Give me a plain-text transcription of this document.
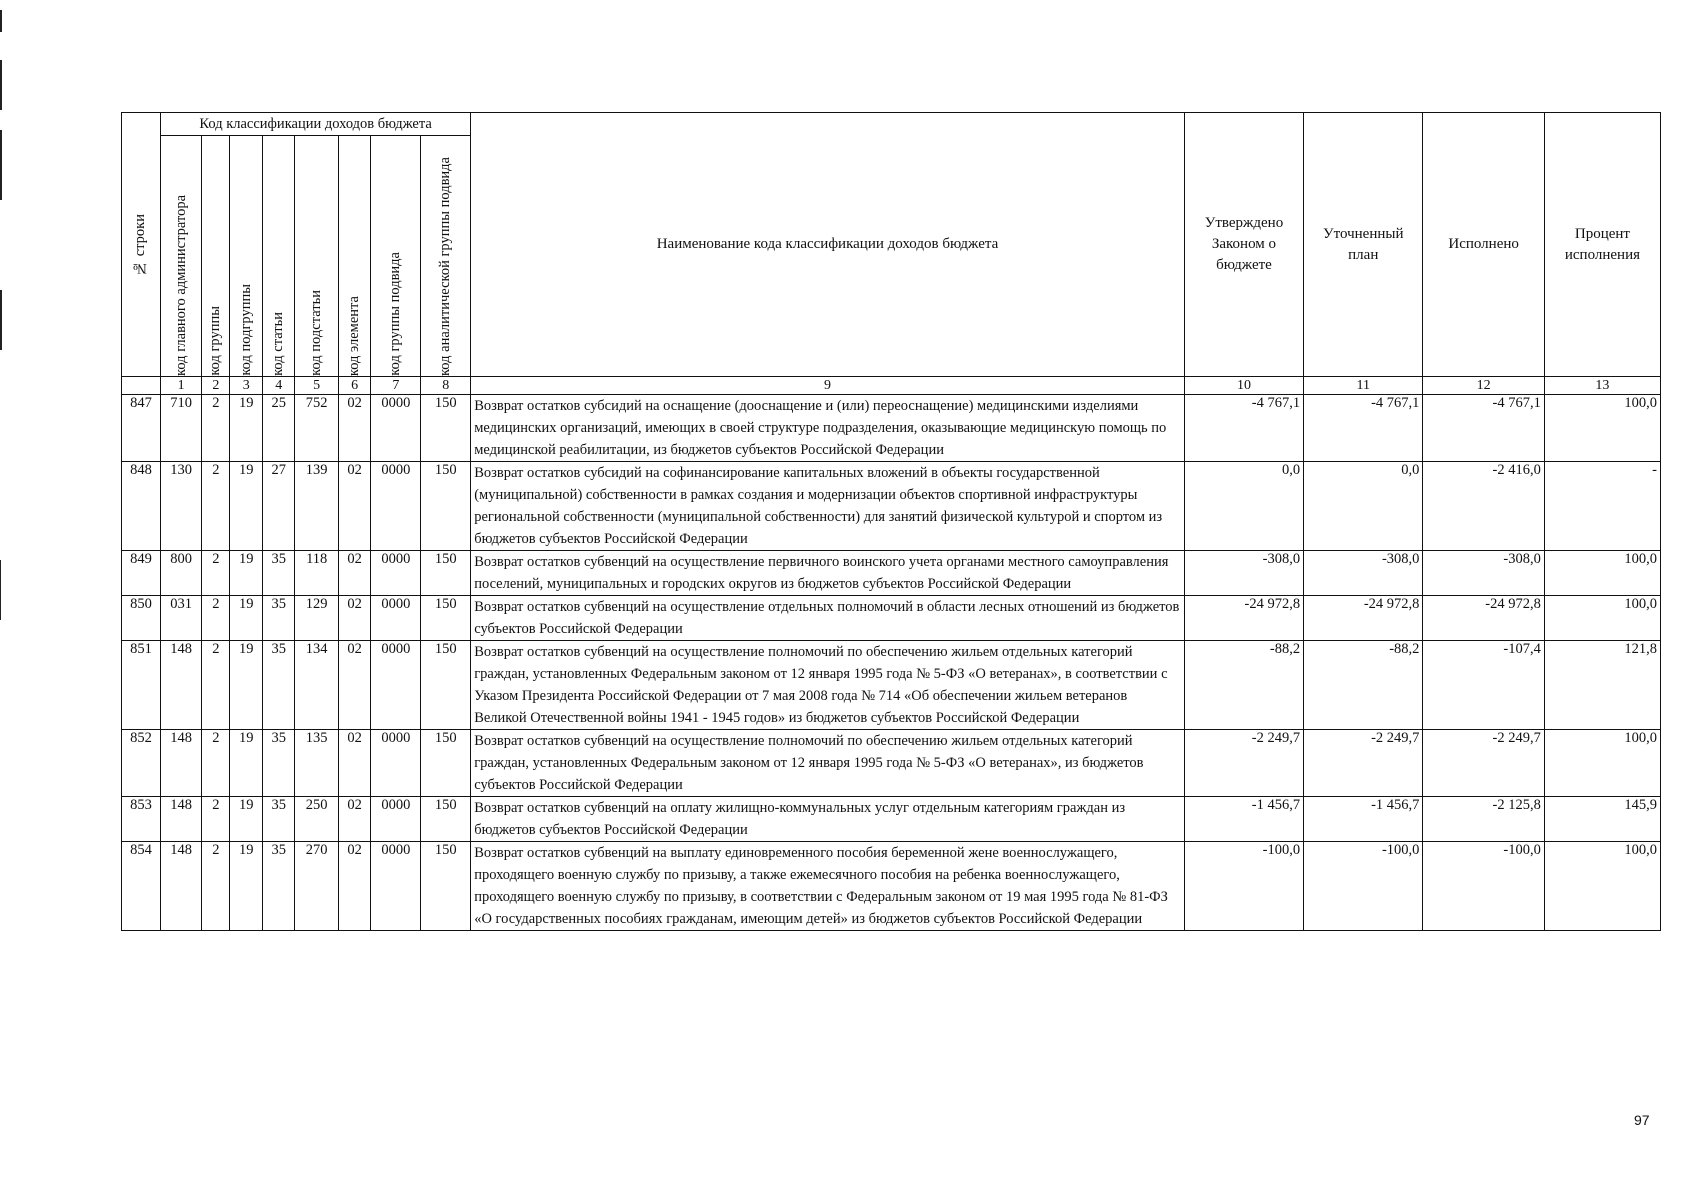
№ строки	Код классификации доходов бюджета								Наименование кода классификации доходов бюджета	Утверждено Законом о бюджете	Уточненный план	Исполнено	Процент исполнения

	код главного администратора	код группы	код подгруппы	код статьи	код подстатьи	код элемента	код группы подвида	код аналитической группы подвида					

	1	2	3	4	5	6	7	8	9	10	11	12	13
847	710	2	19	25	752	02	0000	150	Возврат остатков субсидий на оснащение (дооснащение и (или) переоснащение) медицинскими изделиями медицинских организаций, имеющих в своей структуре подразделения, оказывающие медицинскую помощь по медицинской реабилитации, из бюджетов субъектов Российской Федерации	-4 767,1	-4 767,1	-4 767,1	100,0
848	130	2	19	27	139	02	0000	150	Возврат остатков субсидий на софинансирование капитальных вложений в объекты государственной (муниципальной) собственности в рамках создания и модернизации объектов спортивной инфраструктуры региональной собственности (муниципальной собственности) для занятий физической культурой и спортом из бюджетов субъектов Российской Федерации	0,0	0,0	-2 416,0	-
849	800	2	19	35	118	02	0000	150	Возврат остатков субвенций на осуществление первичного воинского учета органами местного самоуправления поселений, муниципальных и городских округов из бюджетов субъектов Российской Федерации	-308,0	-308,0	-308,0	100,0
850	031	2	19	35	129	02	0000	150	Возврат остатков субвенций на осуществление отдельных полномочий в области лесных отношений из бюджетов субъектов Российской Федерации	-24 972,8	-24 972,8	-24 972,8	100,0
851	148	2	19	35	134	02	0000	150	Возврат остатков субвенций на осуществление полномочий по обеспечению жильем отдельных категорий граждан, установленных Федеральным законом от 12 января 1995 года № 5-ФЗ «О ветеранах», в соответствии с Указом Президента Российской Федерации от 7 мая 2008 года № 714 «Об обеспечении жильем ветеранов Великой Отечественной войны 1941 - 1945 годов» из бюджетов субъектов Российской Федерации	-88,2	-88,2	-107,4	121,8
852	148	2	19	35	135	02	0000	150	Возврат остатков субвенций на осуществление полномочий по обеспечению жильем отдельных категорий граждан, установленных Федеральным законом от 12 января 1995 года № 5-ФЗ «О ветеранах», из бюджетов субъектов Российской Федерации	-2 249,7	-2 249,7	-2 249,7	100,0
853	148	2	19	35	250	02	0000	150	Возврат остатков субвенций на оплату жилищно-коммунальных услуг отдельным категориям граждан из бюджетов субъектов Российской Федерации	-1 456,7	-1 456,7	-2 125,8	145,9
854	148	2	19	35	270	02	0000	150	Возврат остатков субвенций на выплату единовременного пособия беременной жене военнослужащего, проходящего военную службу по призыву, а также ежемесячного пособия на ребенка военнослужащего, проходящего военную службу по призыву, в соответствии с Федеральным законом от 19 мая 1995 года № 81-ФЗ «О государственных пособиях гражданам, имеющим детей» из бюджетов субъектов Российской Федерации	-100,0	-100,0	-100,0	100,0
97
